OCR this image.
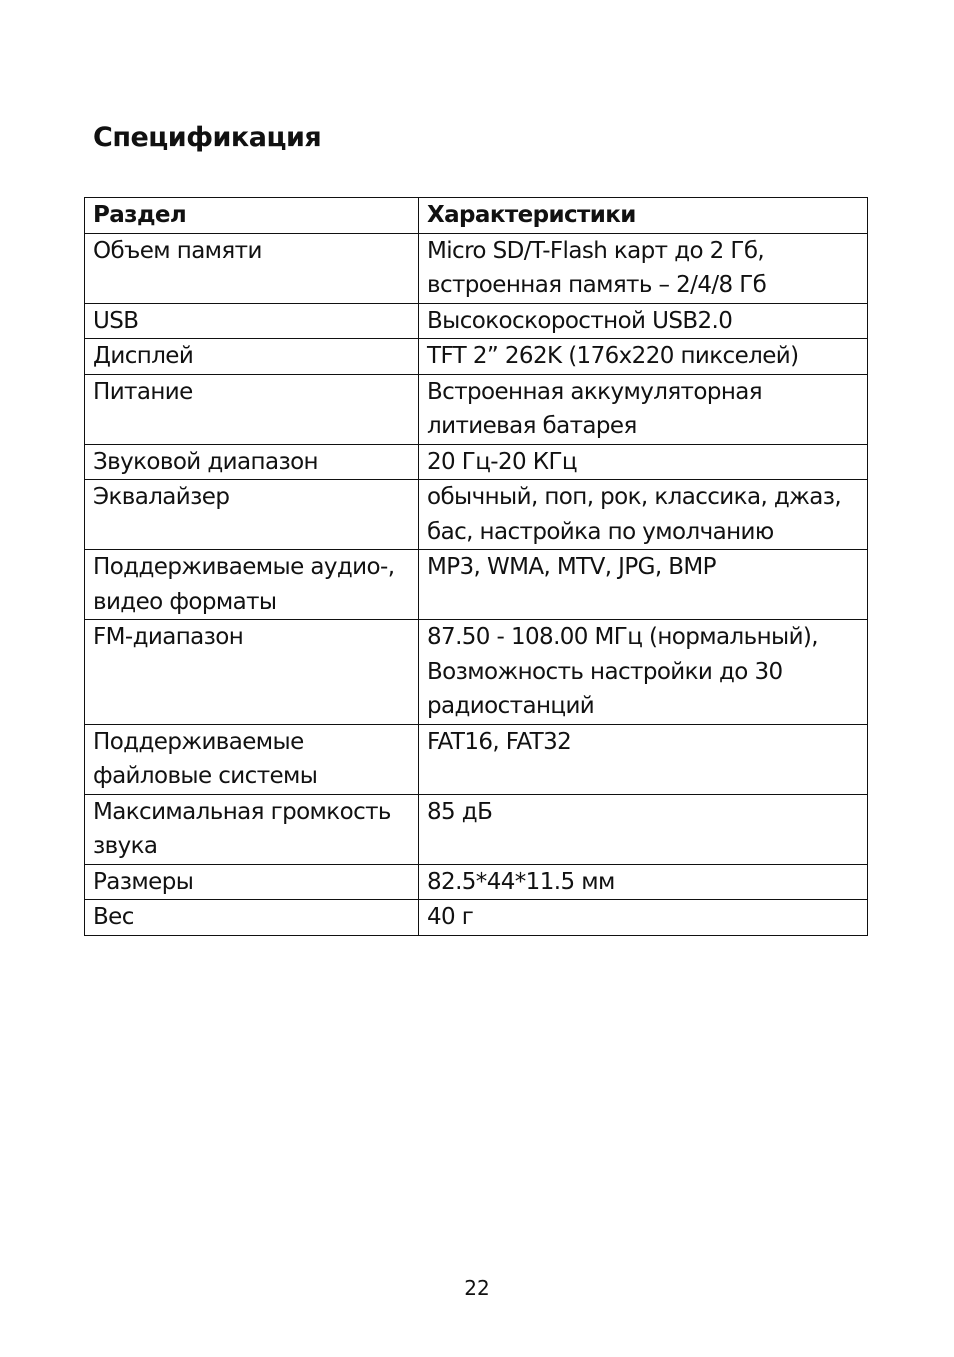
Спецификация
Раздел	Характеристики
Объем памяти	Micro SD/T-Flash карт до 2 Гб,
встроенная память – 2/4/8 Гб
USB	Высокоскоростной USB2.0
Дисплей	TFT 2” 262K (176x220 пикселей)
Питание	Встроенная аккумуляторная
литиевая батарея
Звуковой диапазон	20 Гц-20 КГц
Эквалайзер	обычный, поп, рок, классика, джаз,
бас, настройка по умолчанию
Поддерживаемые аудио-,
видео форматы	MP3, WMA, MTV, JPG, BMP
FM-диапазон	87.50 - 108.00 МГц (нормальный),
Возможность настройки до 30
радиостанций
Поддерживаемые
файловые системы	FAT16, FAT32
Максимальная громкость
звука	85 дБ
Размеры	82.5*44*11.5 мм
Вес	40 г
22
